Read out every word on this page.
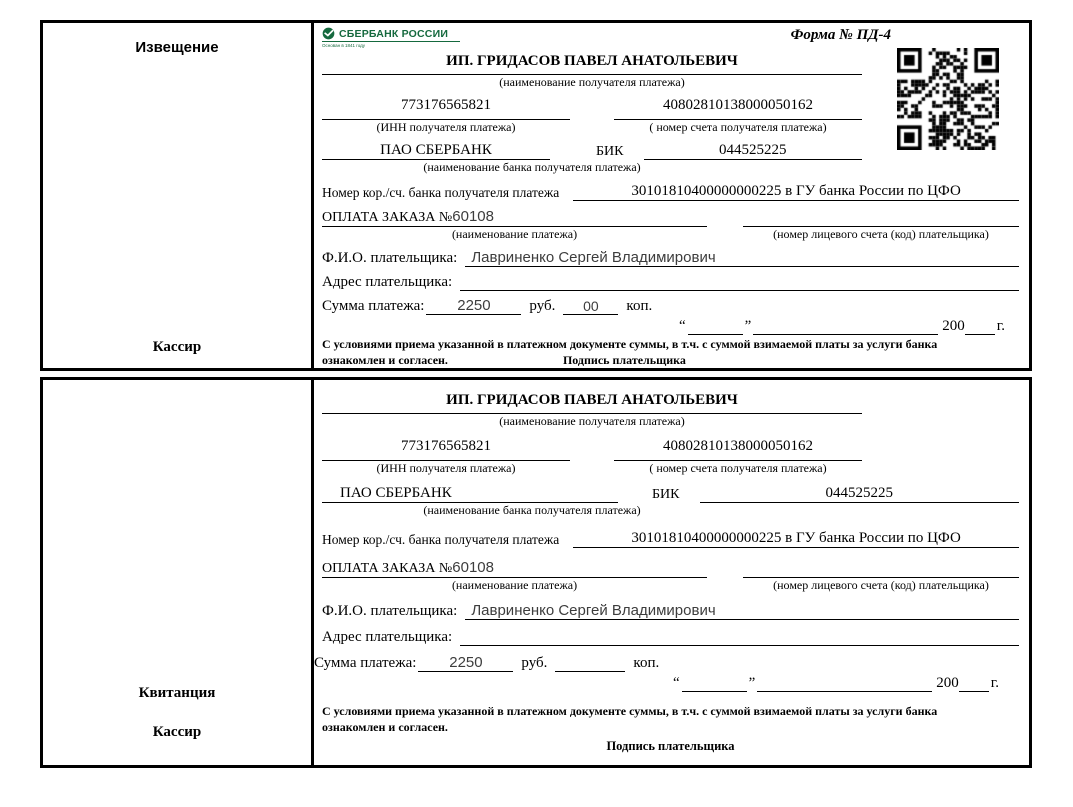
Извещение
Кассир
СБЕРБАНК РОССИИ
Основан в 1841 году
Форма № ПД-4
ИП. ГРИДАСОВ ПАВЕЛ АНАТОЛЬЕВИЧ
(наименование получателя платежа)
773176565821	40802810138000050162
(ИНН получателя платежа)	( номер счета получателя платежа)
ПАО СБЕРБАНК	БИК	044525225
(наименование банка получателя платежа)
Номер кор./сч. банка получателя платежа	30101810400000000225 в ГУ банка России по ЦФО
ОПЛАТА ЗАКАЗА №60108
(наименование платежа)	(номер лицевого счета (код) плательщика)
Ф.И.О. плательщика: Лавриненко Сергей Владимирович
Адрес плательщика:
Сумма платежа:	2250	руб.	00	коп.
“	”	200 г.
С условиями приема указанной в платежном документе суммы, в т.ч. с суммой взимаемой платы за услуги банка
ознакомлен и согласен.	Подпись плательщика
Квитанция
Кассир
ИП. ГРИДАСОВ ПАВЕЛ АНАТОЛЬЕВИЧ
(наименование получателя платежа)
773176565821	40802810138000050162
(ИНН получателя платежа)	( номер счета получателя платежа)
ПАО СБЕРБАНК	БИК	044525225
(наименование банка получателя платежа)
Номер кор./сч. банка получателя платежа	30101810400000000225 в ГУ банка России по ЦФО
ОПЛАТА ЗАКАЗА №60108
(наименование платежа)	(номер лицевого счета (код) плательщика)
Ф.И.О. плательщика: Лавриненко Сергей Владимирович
Адрес плательщика:
Сумма платежа:	2250	руб.	коп.
“	”	200 г.
С условиями приема указанной в платежном документе суммы, в т.ч. с суммой взимаемой платы за услуги банка
ознакомлен и согласен.
Подпись плательщика
